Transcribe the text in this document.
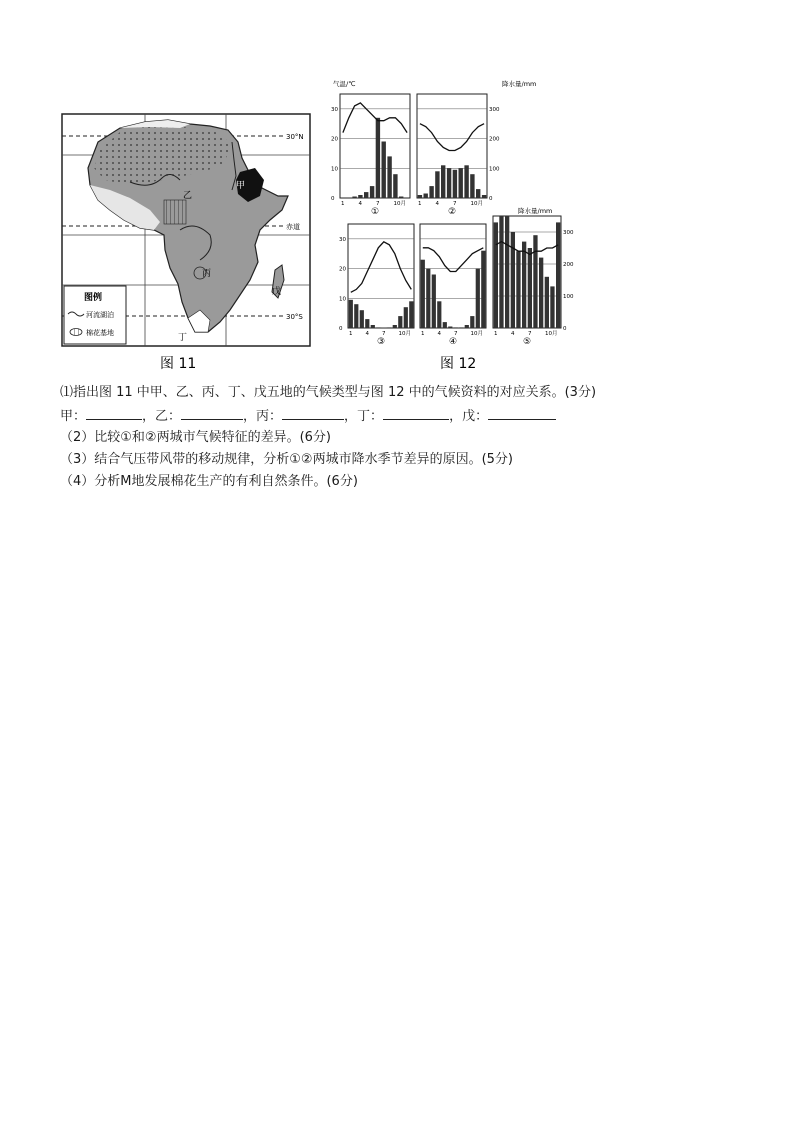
30°N
赤道
30°S
甲
乙
丙
丁
戊
图例
河流湖泊
棉花基地
图 11
1	4	7	10月
①
30
20
10
0
1	4	7	10月
②
300
200
100
0
1 4 7 10月
③
30
20
10
0
1 4 7 10月
④
1 4 7 10月
⑤
300
200
100
0
气温/℃	降水量/mm
降水量/mm
图 12
⑴指出图 11 中甲、乙、丙、丁、戊五地的气候类型与图 12 中的气候资料的对应关系。(3分)
甲：	，乙：	，丙：	，丁：	，戊：
（2）比较①和②两城市气候特征的差异。(6分)
（3）结合气压带风带的移动规律，分析①②两城市降水季节差异的原因。(5分)
（4）分析M地发展棉花生产的有利自然条件。(6分)
